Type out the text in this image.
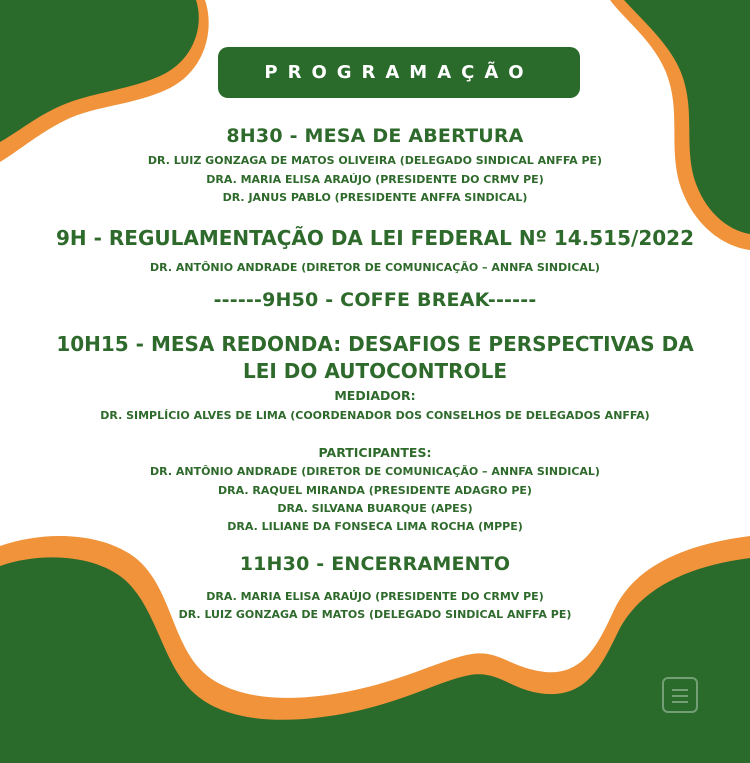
PROGRAMAÇÃO
8H30 - MESA DE ABERTURA
DR. LUIZ GONZAGA DE MATOS OLIVEIRA (DELEGADO SINDICAL ANFFA PE)
DRA. MARIA ELISA ARAÚJO (PRESIDENTE DO CRMV PE)
DR. JANUS PABLO (PRESIDENTE ANFFA SINDICAL)
9H - REGULAMENTAÇÃO DA LEI FEDERAL Nº 14.515/2022
DR. ANTÔNIO ANDRADE (DIRETOR DE COMUNICAÇÃO – ANNFA SINDICAL)
------9H50 - COFFE BREAK------
10H15 - MESA REDONDA: DESAFIOS E PERSPECTIVAS DA
LEI DO AUTOCONTROLE
MEDIADOR:
DR. SIMPLÍCIO ALVES DE LIMA (COORDENADOR DOS CONSELHOS DE DELEGADOS ANFFA)
PARTICIPANTES:
DR. ANTÔNIO ANDRADE (DIRETOR DE COMUNICAÇÃO – ANNFA SINDICAL)
DRA. RAQUEL MIRANDA (PRESIDENTE ADAGRO PE)
DRA. SILVANA BUARQUE (APES)
DRA. LILIANE DA FONSECA LIMA ROCHA (MPPE)
11H30 - ENCERRAMENTO
DRA. MARIA ELISA ARAÚJO (PRESIDENTE DO CRMV PE)
DR. LUIZ GONZAGA DE MATOS (DELEGADO SINDICAL ANFFA PE)
